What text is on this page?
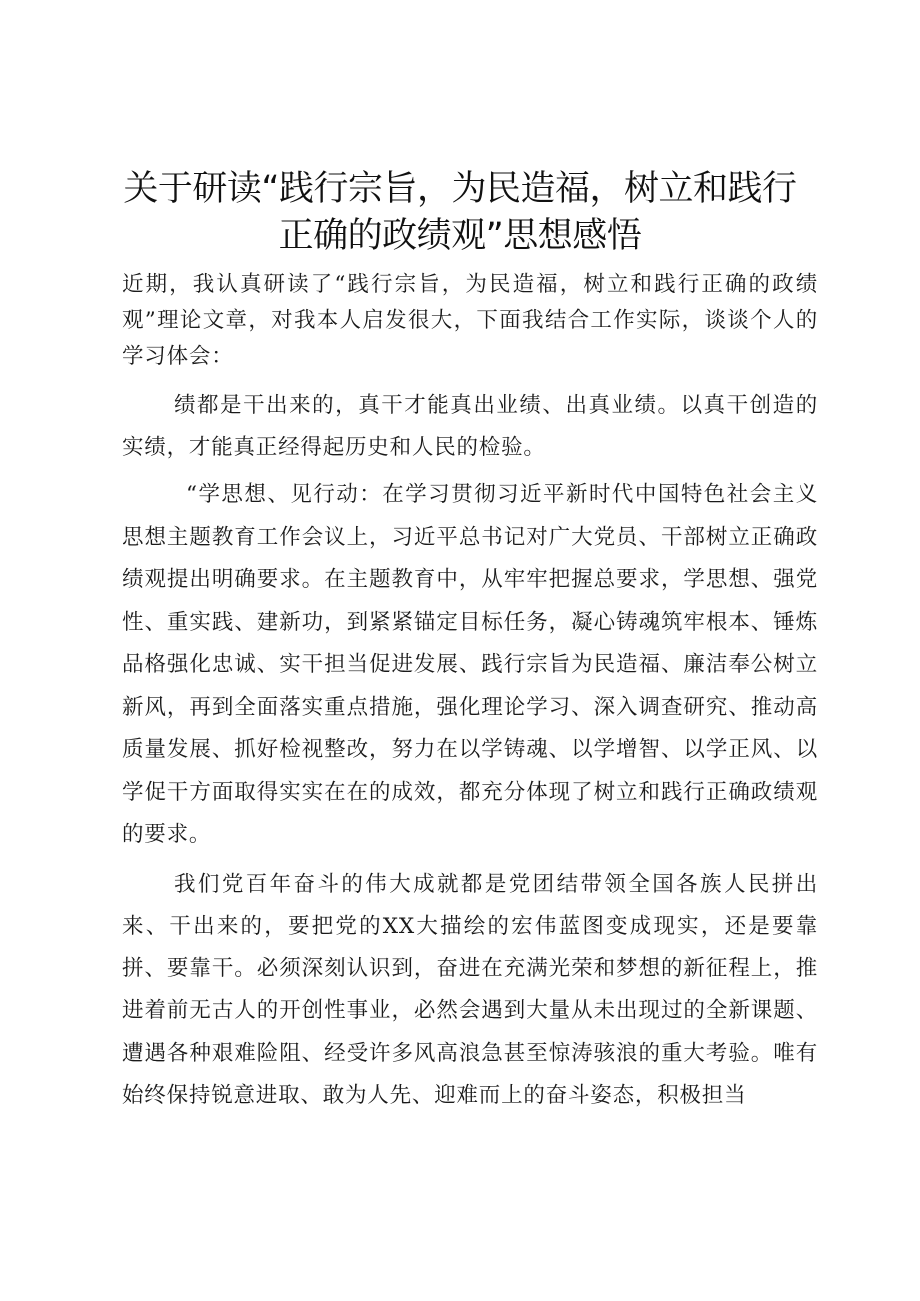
关于研读“践行宗旨，为民造福，树立和践行
正确的政绩观”思想感悟

近期，我认真研读了“践行宗旨，为民造福，树立和践行正确的政绩观”理论文章，对我本人启发很大，下面我结合工作实际，谈谈个人的学习体会：

绩都是干出来的，真干才能真出业绩、出真业绩。以真干创造的实绩，才能真正经得起历史和人民的检验。

“学思想、见行动：在学习贯彻习近平新时代中国特色社会主义思想主题教育工作会议上，习近平总书记对广大党员、干部树立正确政绩观提出明确要求。在主题教育中，从牢牢把握总要求，学思想、强党性、重实践、建新功，到紧紧锚定目标任务，凝心铸魂筑牢根本、锤炼品格强化忠诚、实干担当促进发展、践行宗旨为民造福、廉洁奉公树立新风，再到全面落实重点措施，强化理论学习、深入调查研究、推动高质量发展、抓好检视整改，努力在以学铸魂、以学增智、以学正风、以学促干方面取得实实在在的成效，都充分体现了树立和践行正确政绩观的要求。

我们党百年奋斗的伟大成就都是党团结带领全国各族人民拼出来、干出来的，要把党的XX大描绘的宏伟蓝图变成现实，还是要靠拼、要靠干。必须深刻认识到，奋进在充满光荣和梦想的新征程上，推进着前无古人的开创性事业，必然会遇到大量从未出现过的全新课题、遭遇各种艰难险阻、经受许多风高浪急甚至惊涛骇浪的重大考验。唯有始终保持锐意进取、敢为人先、迎难而上的奋斗姿态，积极担当
